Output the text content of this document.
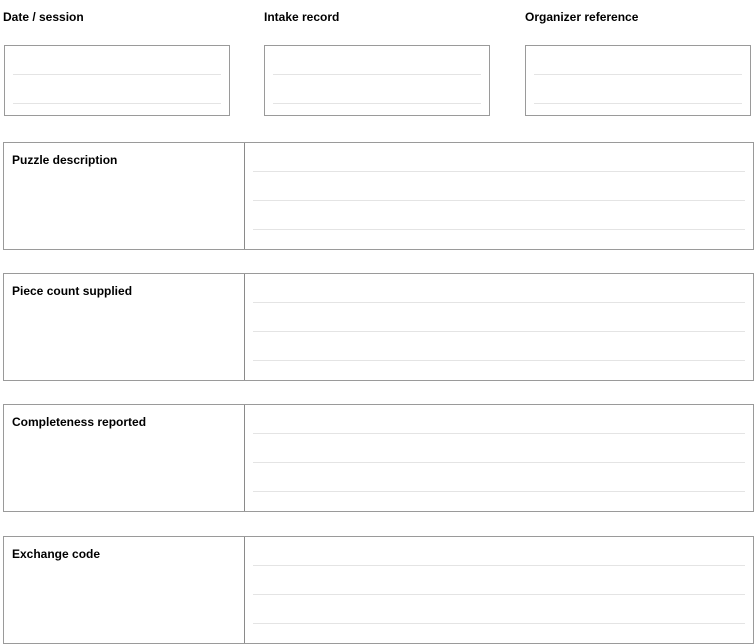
Date / session	Intake record	Organizer reference
Puzzle description
Piece count supplied
Completeness reported
Exchange code
